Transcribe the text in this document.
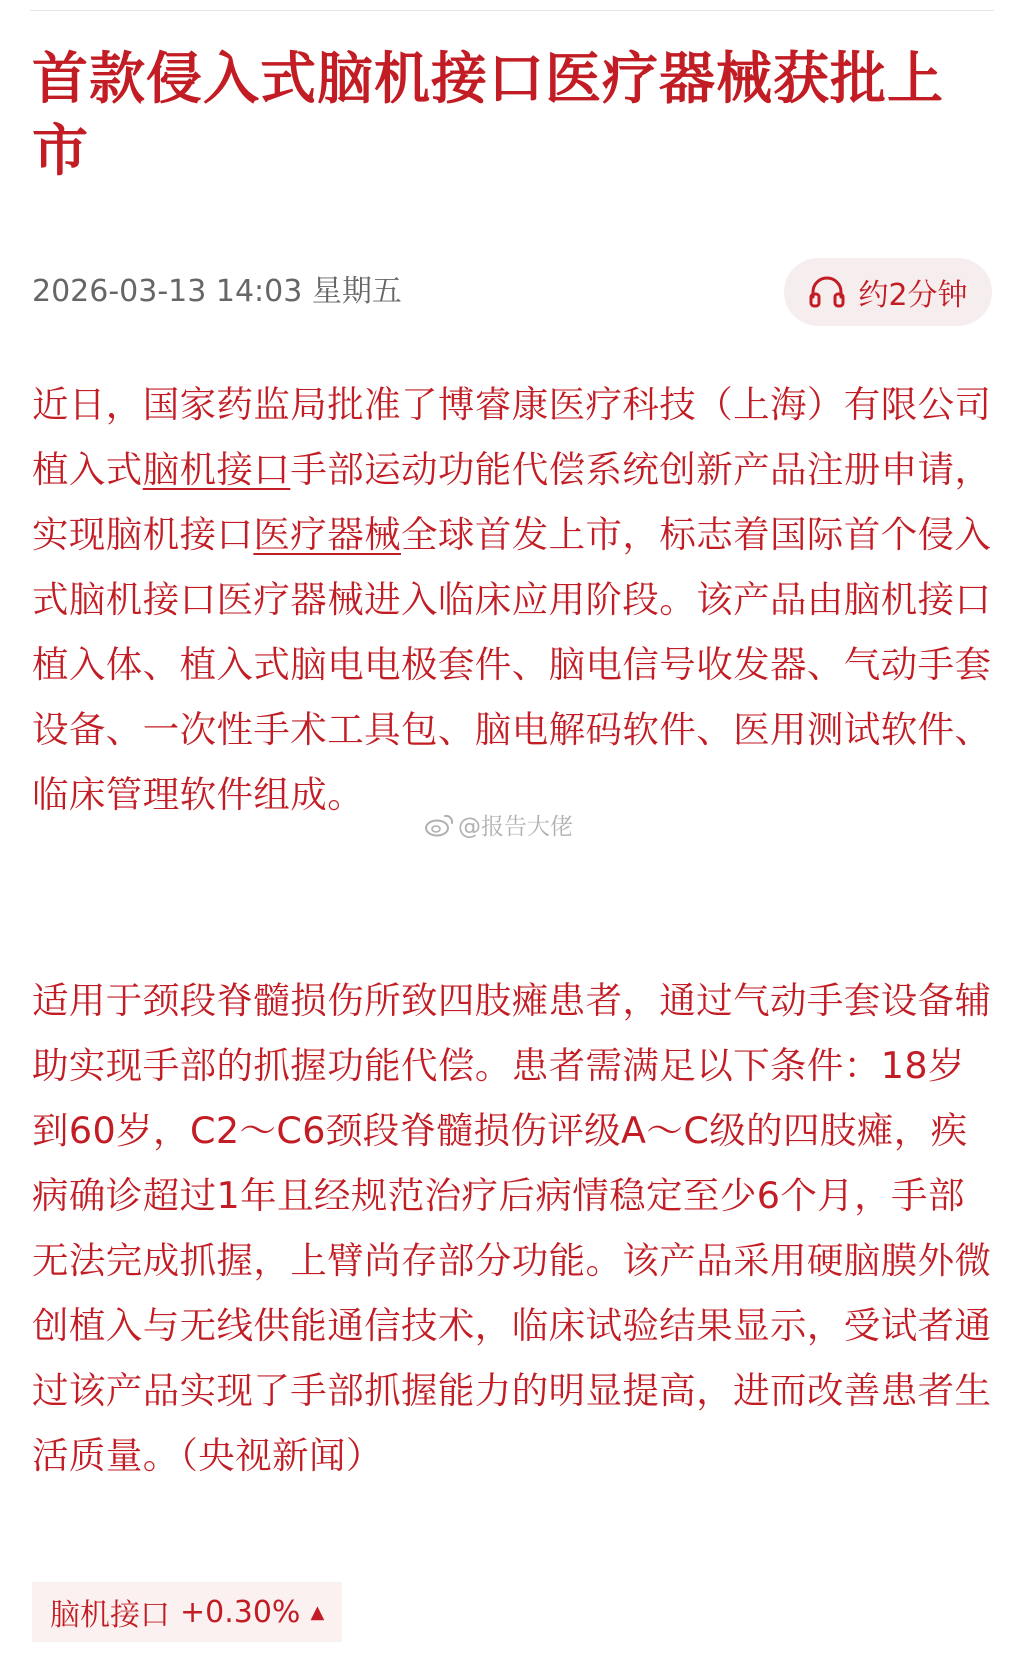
首款侵入式脑机接口医疗器械获批上市
2026-03-13 14:03 星期五	约2分钟

近日，国家药监局批准了博睿康医疗科技（上海）有限公司植入式脑机接口手部运动功能代偿系统创新产品注册申请，实现脑机接口医疗器械全球首发上市，标志着国际首个侵入式脑机接口医疗器械进入临床应用阶段。该产品由脑机接口植入体、植入式脑电电极套件、脑电信号收发器、气动手套设备、一次性手术工具包、脑电解码软件、医用测试软件、临床管理软件组成。

@报告大佬

适用于颈段脊髓损伤所致四肢瘫患者，通过气动手套设备辅助实现手部的抓握功能代偿。患者需满足以下条件：18岁到60岁，C2～C6颈段脊髓损伤评级A～C级的四肢瘫，疾病确诊超过1年且经规范治疗后病情稳定至少6个月，手部无法完成抓握，上臂尚存部分功能。该产品采用硬脑膜外微创植入与无线供能通信技术，临床试验结果显示，受试者通过该产品实现了手部抓握能力的明显提高，进而改善患者生活质量。（央视新闻）

脑机接口 +0.30% ▲
